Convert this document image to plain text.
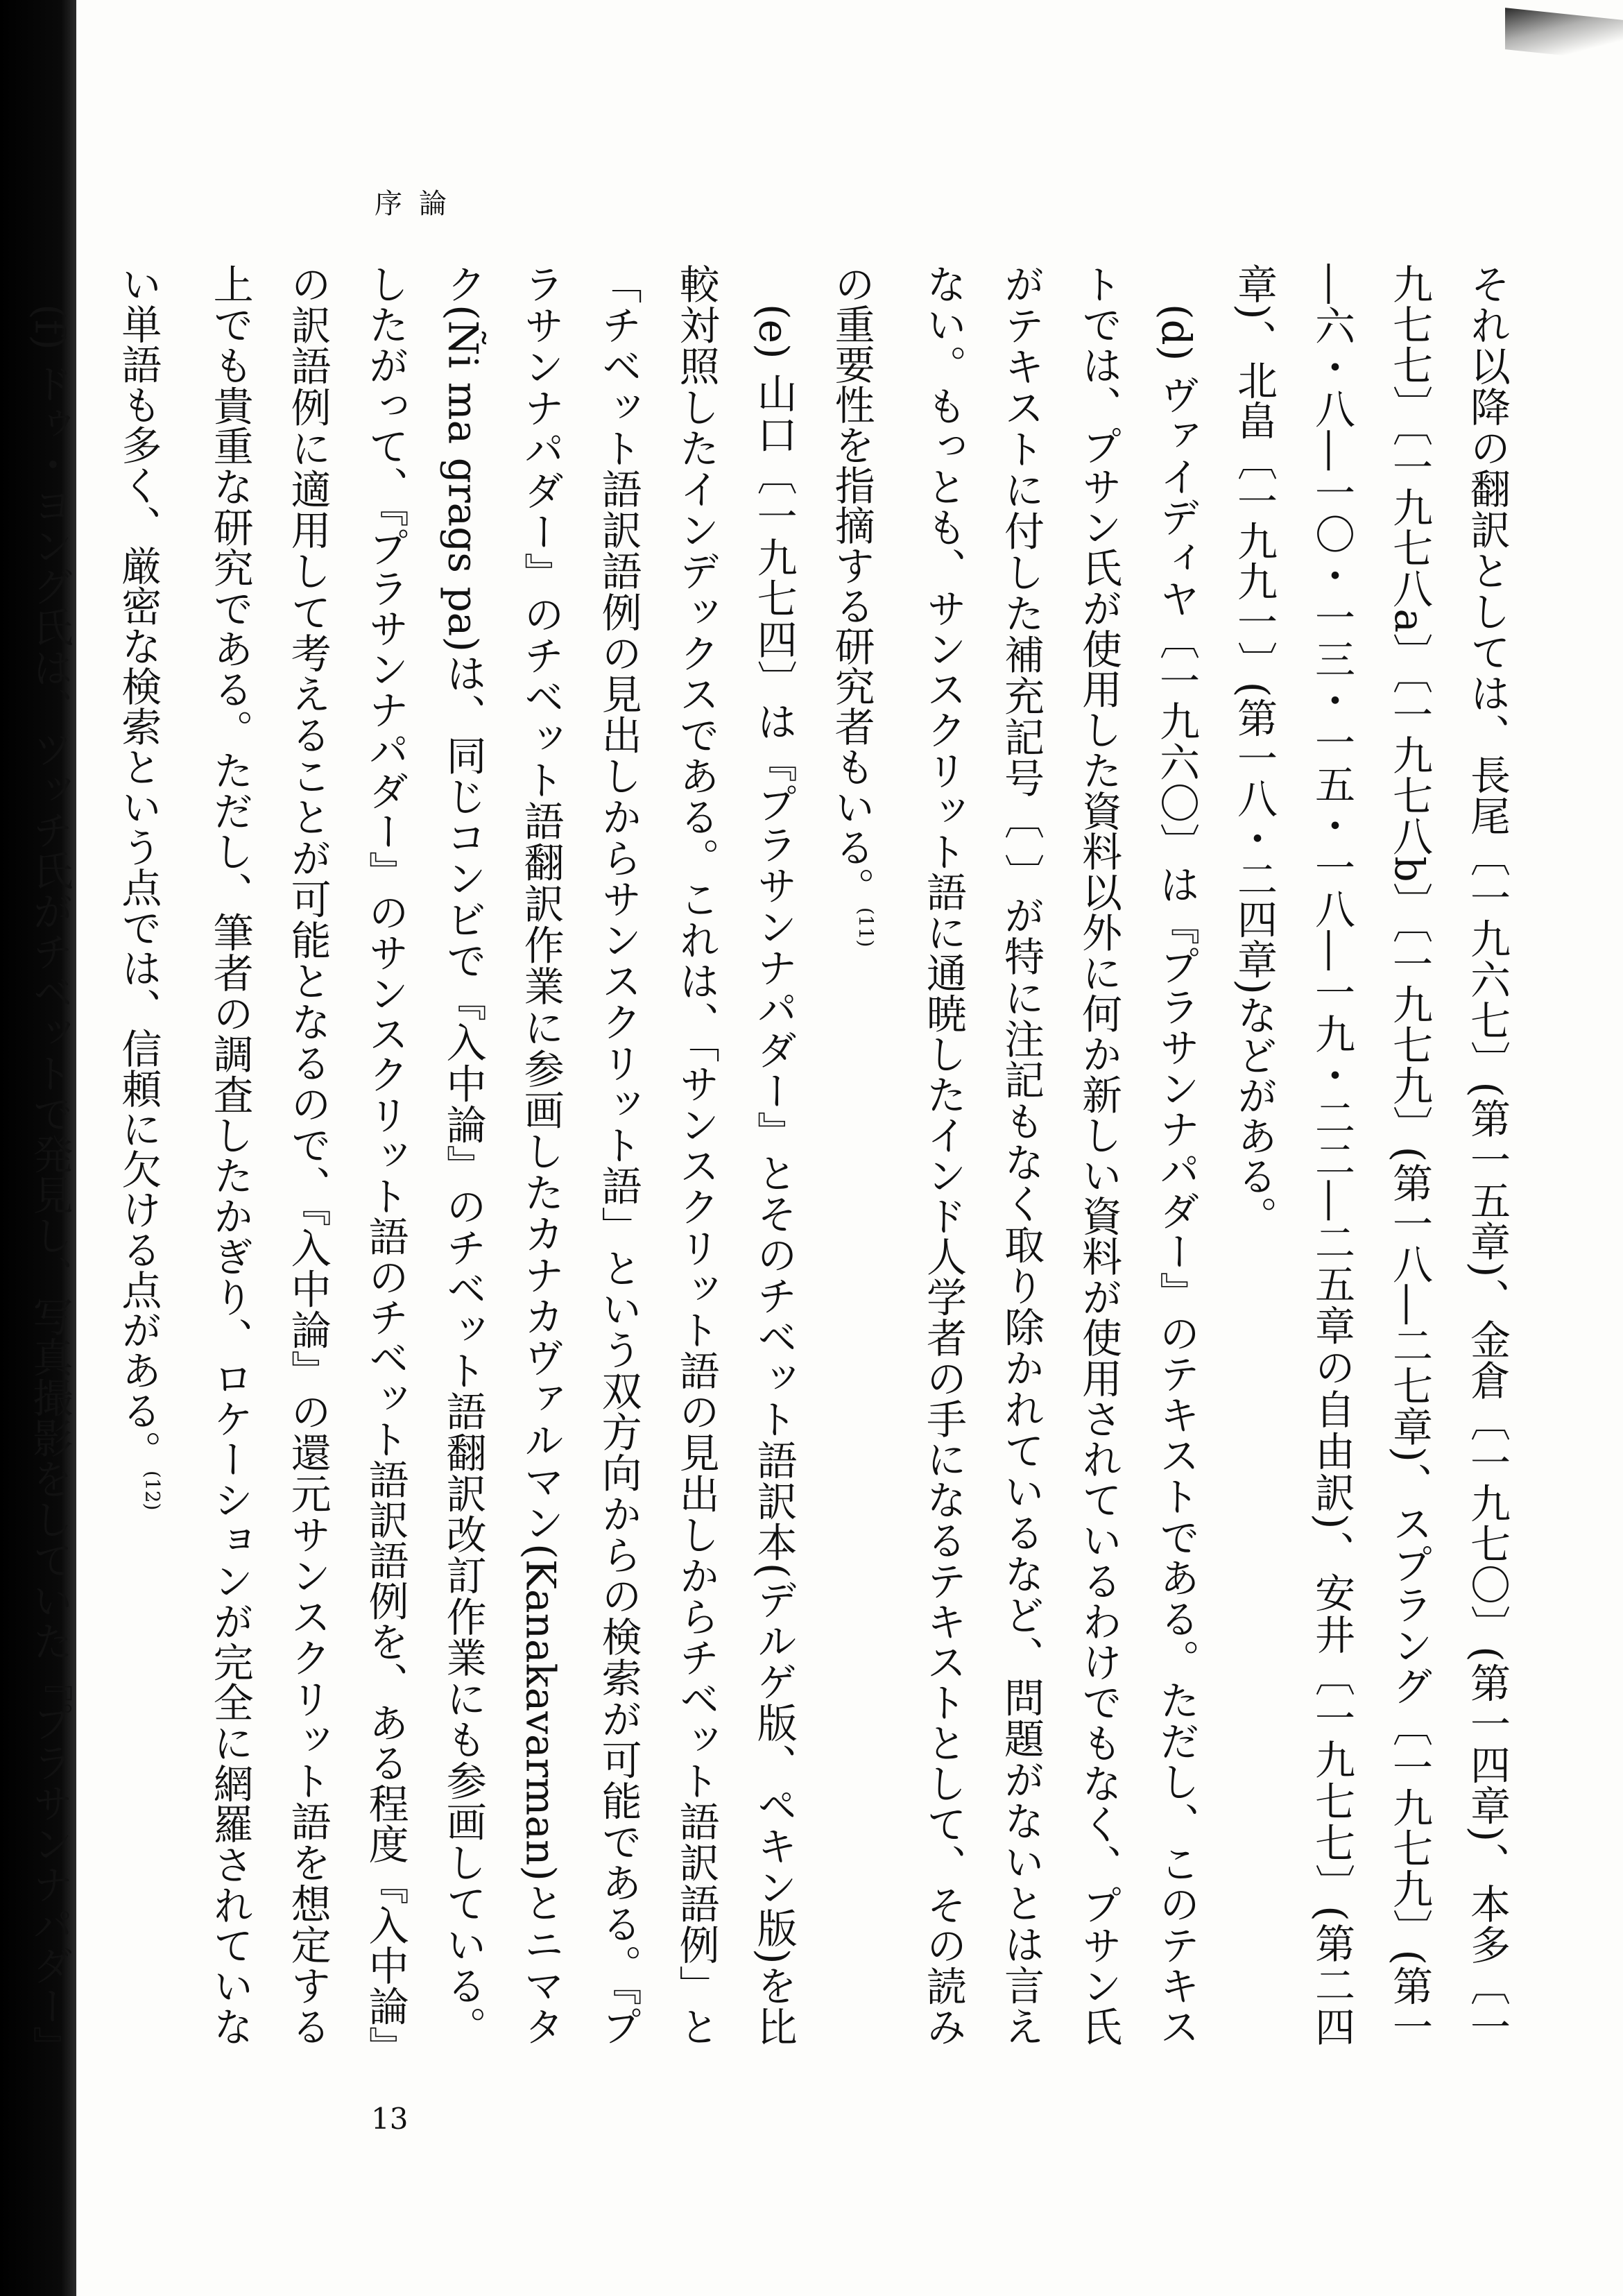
序論

それ以降の翻訳としては、長尾〔一九六七〕(第一五章)、金倉〔一九七〇〕(第一四章)、本多〔一九七七〕〔一九七八a〕〔一九七八b〕〔一九七九〕(第一八―二七章)、スプラング〔一九七九〕(第一―六・八―一〇・一三・一五・一八―一九・二二―二五章の自由訳)、安井〔一九七七〕(第二四章)、北畠〔一九九一〕(第一八・二四章)などがある。

(d) ヴァイディヤ〔一九六〇〕は『プラサンナパダー』のテキストである。ただし、このテキストでは、プサン氏が使用した資料以外に何か新しい資料が使用されているわけでもなく、プサン氏がテキストに付した補充記号〔 〕が特に注記もなく取り除かれているなど、問題がないとは言えない。もっとも、サンスクリット語に通暁したインド人学者の手になるテキストとして、その読みの重要性を指摘する研究者もいる。$^{(11)}$

(e) 山口〔一九七四〕は『プラサンナパダー』とそのチベット語訳本(デルゲ版、ペキン版)を比較対照したインデックスである。これは、「サンスクリット語の見出しからチベット語訳語例」と「チベット語訳語例の見出しからサンスクリット語」という双方向からの検索が可能である。『プラサンナパダー』のチベット語翻訳作業に参画したカナカヴァルマン(Kanakavarman)とニマタク(Ñi ma grags pa)は、同じコンビで『入中論』のチベット語翻訳改訂作業にも参画している。したがって、『プラサンナパダー』のサンスクリット語のチベット語訳語例を、ある程度『入中論』の訳語例に適用して考えることが可能となるので、『入中論』の還元サンスクリット語を想定する上でも貴重な研究である。ただし、筆者の調査したかぎり、ロケーションが完全に網羅されていない単語も多く、厳密な検索という点では、信頼に欠ける点がある。$^{(12)}$

(f) ドゥ・ヨング氏は、ツッチ氏がチベットで発見し、写真撮影をしていた『プラサンナパダー』

13
